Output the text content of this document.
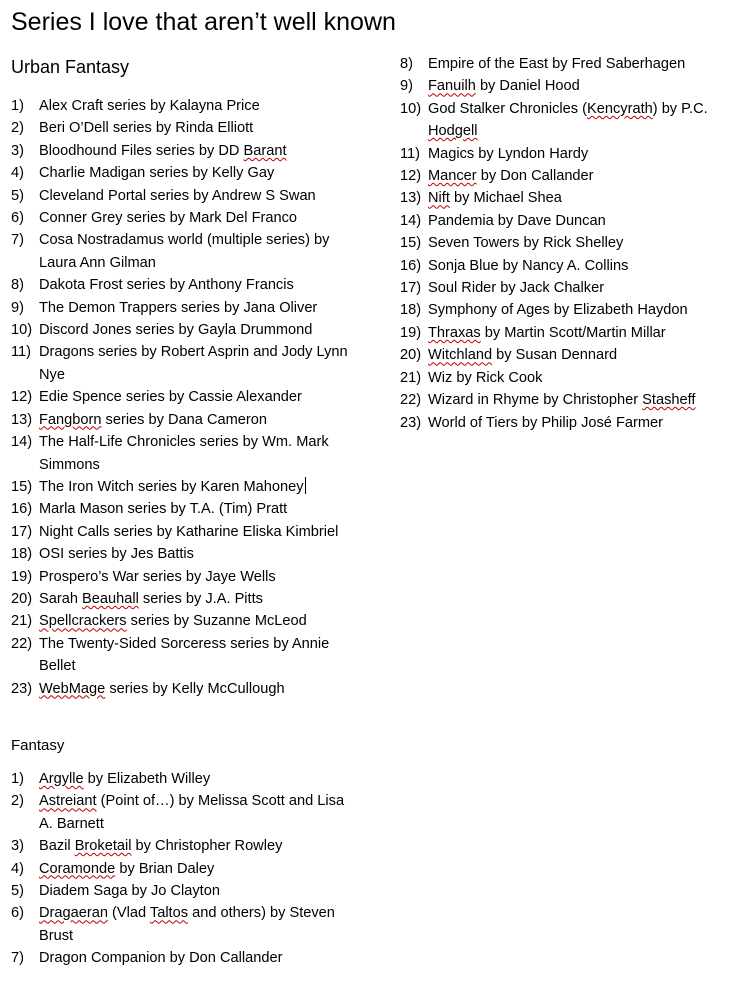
Series I love that aren’t well known
Urban Fantasy
1)	Alex Craft series by Kalayna Price
2)	Beri O’Dell series by Rinda Elliott
3)	Bloodhound Files series by DD Barant
4)	Charlie Madigan series by Kelly Gay
5)	Cleveland Portal series by Andrew S Swan
6)	Conner Grey series by Mark Del Franco
7)	Cosa Nostradamus world (multiple series) by Laura Ann Gilman
8)	Dakota Frost series by Anthony Francis
9)	The Demon Trappers series by Jana Oliver
10) Discord Jones series by Gayla Drummond
11) Dragons series by Robert Asprin and Jody Lynn Nye
12) Edie Spence series by Cassie Alexander
13) Fangborn series by Dana Cameron
14) The Half-Life Chronicles series by Wm. Mark Simmons
15) The Iron Witch series by Karen Mahoney
16) Marla Mason series by T.A. (Tim) Pratt
17) Night Calls series by Katharine Eliska Kimbriel
18) OSI series by Jes Battis
19) Prospero’s War series by Jaye Wells
20) Sarah Beauhall series by J.A. Pitts
21) Spellcrackers series by Suzanne McLeod
22) The Twenty-Sided Sorceress series by Annie Bellet
23) WebMage series by Kelly McCullough
Fantasy
1)	Argylle by Elizabeth Willey
2)	Astreiant (Point of…) by Melissa Scott and Lisa A. Barnett
3)	Bazil Broketail by Christopher Rowley
4)	Coramonde by Brian Daley
5)	Diadem Saga by Jo Clayton
6)	Dragaeran (Vlad Taltos and others) by Steven Brust
7)	Dragon Companion by Don Callander
8)	Empire of the East by Fred Saberhagen
9)	Fanuilh by Daniel Hood
10) God Stalker Chronicles (Kencyrath) by P.C. Hodgell
11) Magics by Lyndon Hardy
12) Mancer by Don Callander
13) Nift by Michael Shea
14) Pandemia by Dave Duncan
15) Seven Towers by Rick Shelley
16) Sonja Blue by Nancy A. Collins
17) Soul Rider by Jack Chalker
18) Symphony of Ages by Elizabeth Haydon
19) Thraxas by Martin Scott/Martin Millar
20) Witchland by Susan Dennard
21) Wiz by Rick Cook
22) Wizard in Rhyme by Christopher Stasheff
23) World of Tiers by Philip José Farmer
